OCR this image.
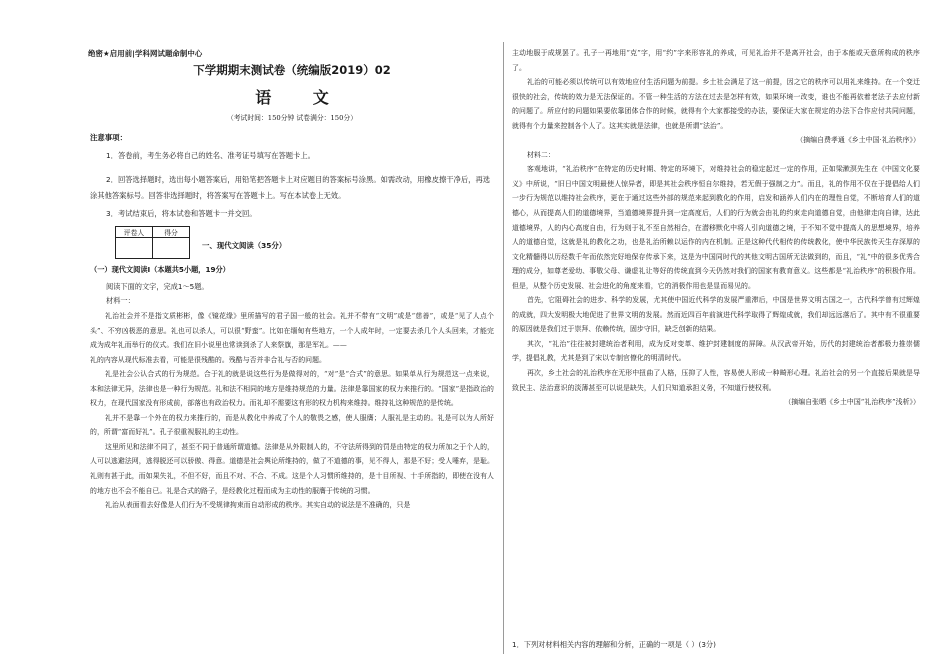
绝密★启用前|学科网试题命制中心
下学期期末测试卷（统编版2019）02
语 文
（考试时间：150分钟 试卷满分：150分）
注意事项：
1．答卷前，考生务必将自己的姓名、准考证号填写在答题卡上。
2．回答选择题时，选出每小题答案后，用铅笔把答题卡上对应题目的答案标号涂黑。如需改动，用橡皮擦干净后，再选涂其他答案标号。回答非选择题时，将答案写在答题卡上。写在本试卷上无效。
3．考试结束后，将本试卷和答题卡一并交回。
评卷人	得分

一、现代文阅读（35分）
（一）现代文阅读Ⅰ（本题共5小题，19分）
阅读下面的文字，完成1～5题。
材料一：

礼治社会并不是指文质彬彬，像《镜花缘》里所描写的君子国一般的社会。礼并不带有“文明”或是“慈善”，或是“见了人点个头”、不穷凶极恶的意思。礼也可以杀人，可以很“野蛮”。比如在缅甸有些地方，一个人成年时，一定要去杀几个人头回来，才能完成为成年礼而举行的仪式。我们在旧小说里也常读到杀了人来祭旗，那是军礼。——

礼的内容从现代标准去看，可能是很残酷的。残酷与否并非合礼与否的问题。

礼是社会公认合式的行为规范。合于礼的就是说这些行为是做得对的，“对”是“合式”的意思。如果单从行为规范这一点来说，本和法律无异，法律也是一种行为规范。礼和法不相同的地方是维持规范的力量。法律是靠国家的权力来推行的。“国家”是指政治的权力，在现代国家没有形成前，部落也有政治权力。而礼却不需要这有形的权力机构来维持。维持礼这种规范的是传统。

礼并不是靠一个外在的权力来推行的，而是从教化中养成了个人的敬畏之感，使人服膺；人服礼是主动的。礼是可以为人所好的，所谓“富而好礼”。孔子很重视服礼的主动性。

这里所见和法律不同了，甚至不同于普通所谓道德。法律是从外限制人的，不守法所得到的罚是由特定的权力所加之于个人的，人可以逃避法网，逃得脱还可以骄傲、得意。道德是社会舆论所维持的，做了不道德的事，见不得人，那是不好；受人唾弃，是耻。礼则有甚于此，而如果失礼，不但不好，而且不对、不合、不成。这是个人习惯所维持的，是十目所视、十手所指的，即使在没有人的地方也不会不能自已。礼是合式的路子，是经教化过程而成为主动性的服膺于传统的习惯。

礼治从表面看去好像是人们行为不受规律拘束而自动形成的秩序。其实自动的说法是不准确的，只是

主动地服于成规罢了。孔子一再地用“克”字，用“约”字来形容礼的养成，可见礼治并不是离开社会，由于本能或天意所构成的秩序了。

礼治的可能必须以传统可以有效地应付生活问题为前提。乡土社会满足了这一前提，因之它的秩序可以用礼来维持。在一个变迁很快的社会，传统的效力是无法保证的。不管一种生活的方法在过去是怎样有效，如果环境一改变，谁也不能再依着老法子去应付新的问题了。所应付的问题如果要依靠团体合作的时候，就得有个大家都接受的办法，要保证大家在规定的办法下合作应付共同问题，就得有个力量来控制各个人了。这其实就是法律，也就是所谓“法治”。

（摘编自费孝通《乡土中国·礼治秩序》）

材料二：

客观地讲，“礼治秩序”在特定的历史时期、特定的环境下，对维持社会的稳定起过一定的作用，正如梁漱溟先生在《中国文化要义》中所说，“旧日中国文明最使人惊异者，即是其社会秩序恒自尔维持，若无假于强制之力”。而且，礼的作用不仅在于提倡给人们一步行为规范以维持社会秩序，更在于通过这些外部的规范来起到教化的作用，启发和涵养人们内在的理性自觉，不断培育人们的道德心，从而提高人们的道德境界，当道德境界提升到一定高度后，人们的行为就会由礼的约束走向道德自觉，由他律走向自律，达此道德境界，人的内心高度自由，行为则于礼不至自然相合，在潜移默化中将人引向道德之境，于不知不觉中提高人的思想境界，培养人的道德自觉，这就是礼的教化之功，也是礼治所赖以运作的内在机制。正是这种代代相传的传统教化，使中华民族传天生存深厚的文化精髓得以历经数千年而依然完好地保存传承下来，这是为中国同时代的其他文明古国所无法做到的，而且，“礼”中的很多优秀合理的成分，如尊老爱幼、事敬父母、谦虚礼让等好的传统直到今天仍然对我们的国家有教育意义。这些都是“礼治秩序”的积极作用。但是，从整个历史发展、社会进化的角度来看，它的消极作用也是显而易见的。

首先，它阻碍社会的进步、科学的发展，尤其使中国近代科学的发展严重滞后，中国是世界文明古国之一，古代科学曾有过辉煌的成就，四大发明极大地促进了世界文明的发展。然而近四百年前演进代科学取得了辉煌成就，我们却远远落后了。其中有不很重要的原因就是我们过于崇拜、依赖传统，固步守旧，缺乏创新的结果。

其次，“礼治”往往被封建统治者利用，成为反对变革、维护封建制度的屏障。从汉武帝开始，历代的封建统治者都极力推崇儒学，提倡礼教，尤其是到了宋以专制官僚化的明清时代。

再次，乡土社会的礼治秩序在无形中扭曲了人格，压抑了人性，容易使人形成一种畸形心理。礼治社会的另一个直接后果就是导致民主、法治意识的淡薄甚至可以说是缺失，人们只知道承担义务，不知道行使权利。

（摘编自张晒《乡土中国“礼治秩序”浅析》）

1．下列对材料相关内容的理解和分析，正确的一项是（ ）(3分)
